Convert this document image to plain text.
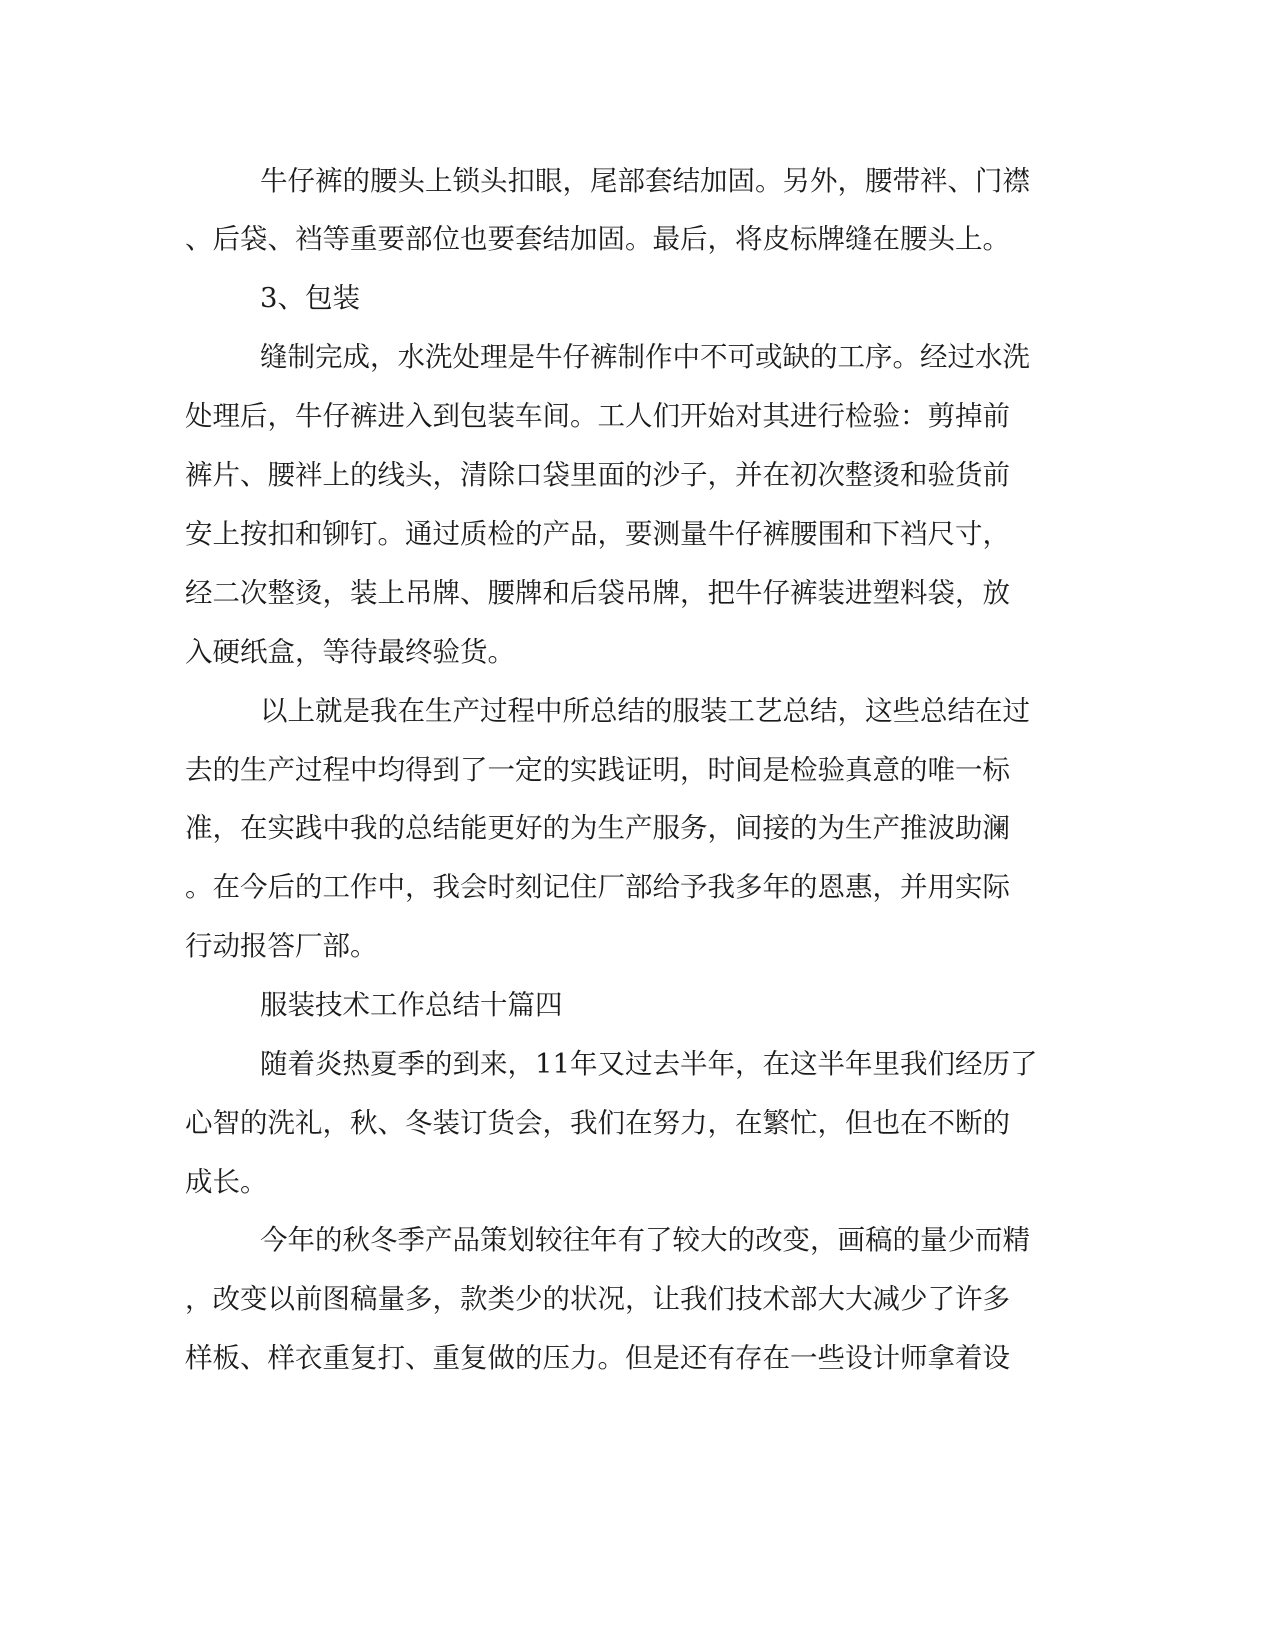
牛仔裤的腰头上锁头扣眼，尾部套结加固。另外，腰带袢、门襟
、后袋、裆等重要部位也要套结加固。最后，将皮标牌缝在腰头上。
3、包装
缝制完成，水洗处理是牛仔裤制作中不可或缺的工序。经过水洗
处理后，牛仔裤进入到包装车间。工人们开始对其进行检验：剪掉前
裤片、腰袢上的线头，清除口袋里面的沙子，并在初次整烫和验货前
安上按扣和铆钉。通过质检的产品，要测量牛仔裤腰围和下裆尺寸，
经二次整烫，装上吊牌、腰牌和后袋吊牌，把牛仔裤装进塑料袋，放
入硬纸盒，等待最终验货。
以上就是我在生产过程中所总结的服装工艺总结，这些总结在过
去的生产过程中均得到了一定的实践证明，时间是检验真意的唯一标
准，在实践中我的总结能更好的为生产服务，间接的为生产推波助澜
。在今后的工作中，我会时刻记住厂部给予我多年的恩惠，并用实际
行动报答厂部。
服装技术工作总结十篇四
随着炎热夏季的到来，11年又过去半年，在这半年里我们经历了
心智的洗礼，秋、冬装订货会，我们在努力，在繁忙，但也在不断的
成长。
今年的秋冬季产品策划较往年有了较大的改变，画稿的量少而精
，改变以前图稿量多，款类少的状况，让我们技术部大大减少了许多
样板、样衣重复打、重复做的压力。但是还有存在一些设计师拿着设
